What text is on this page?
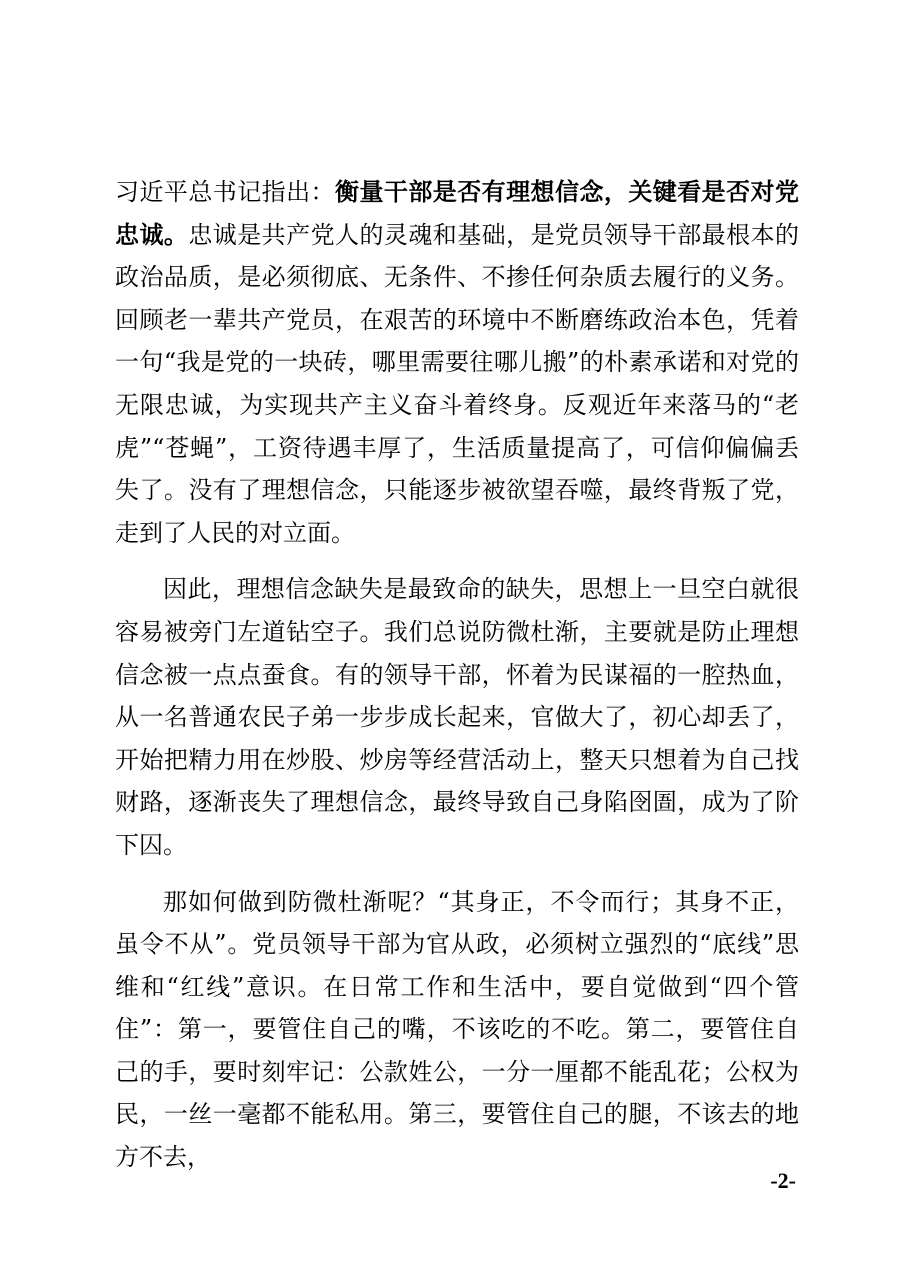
习近平总书记指出：衡量干部是否有理想信念，关键看是否对党忠诚。忠诚是共产党人的灵魂和基础，是党员领导干部最根本的政治品质，是必须彻底、无条件、不掺任何杂质去履行的义务。回顾老一辈共产党员，在艰苦的环境中不断磨练政治本色，凭着一句“我是党的一块砖，哪里需要往哪儿搬”的朴素承诺和对党的无限忠诚，为实现共产主义奋斗着终身。反观近年来落马的“老虎”“苍蝇”，工资待遇丰厚了，生活质量提高了，可信仰偏偏丢失了。没有了理想信念，只能逐步被欲望吞噬，最终背叛了党，走到了人民的对立面。

因此，理想信念缺失是最致命的缺失，思想上一旦空白就很容易被旁门左道钻空子。我们总说防微杜渐，主要就是防止理想信念被一点点蚕食。有的领导干部，怀着为民谋福的一腔热血，从一名普通农民子弟一步步成长起来，官做大了，初心却丢了，开始把精力用在炒股、炒房等经营活动上，整天只想着为自己找财路，逐渐丧失了理想信念，最终导致自己身陷囹圄，成为了阶下囚。

那如何做到防微杜渐呢？“其身正，不令而行；其身不正，虽令不从”。党员领导干部为官从政，必须树立强烈的“底线”思维和“红线”意识。在日常工作和生活中，要自觉做到“四个管住”：第一，要管住自己的嘴，不该吃的不吃。第二，要管住自己的手，要时刻牢记：公款姓公，一分一厘都不能乱花；公权为民，一丝一毫都不能私用。第三，要管住自己的腿，不该去的地方不去，

-2-
